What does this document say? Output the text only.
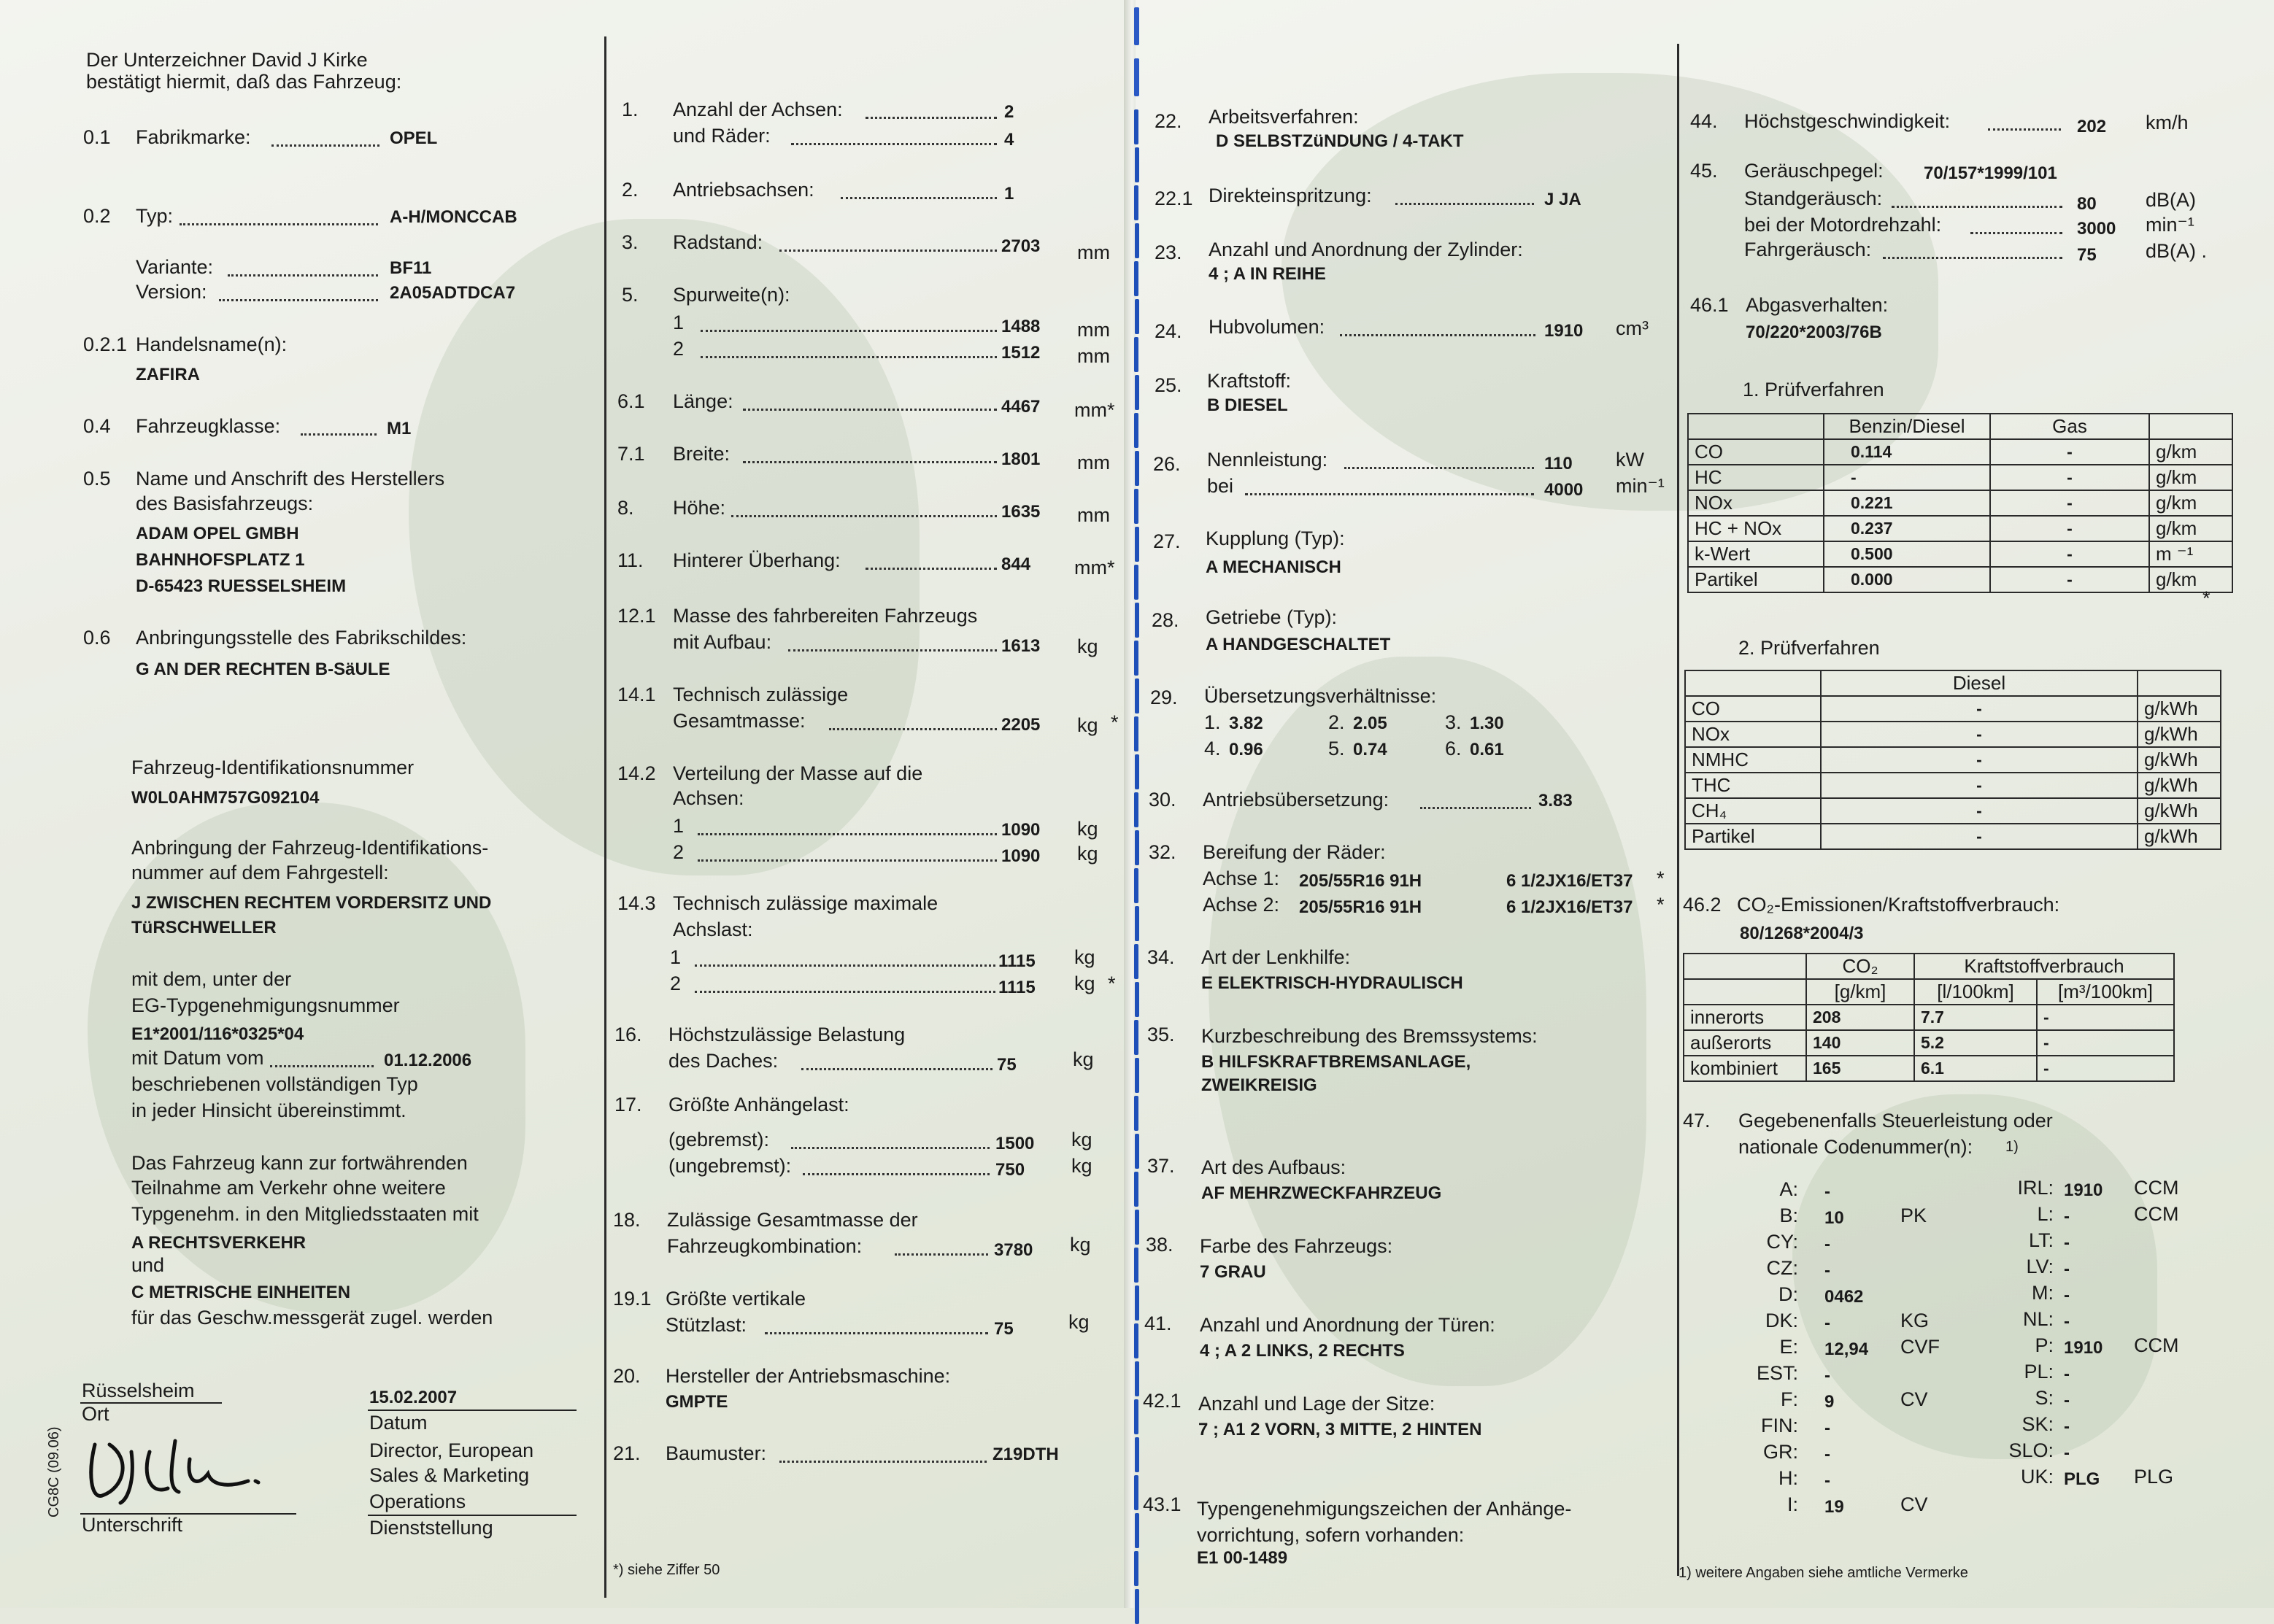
Der Unterzeichner David J Kirke
bestätigt hiermit, daß das Fahrzeug:
0.1 Fabrikmarke:	OPEL
0.2 Typ:	A-H/MONCCAB
Variante:	BF11
Version:	2A05ADTDCA7
0.2.1 Handelsname(n):
ZAFIRA
0.4 Fahrzeugklasse:	M1
0.5 Name und Anschrift des Herstellers
des Basisfahrzeugs:
ADAM OPEL GMBH
BAHNHOFSPLATZ 1
D-65423 RUESSELSHEIM
0.6 Anbringungsstelle des Fabrikschildes:
G AN DER RECHTEN B-SäULE
Fahrzeug-Identifikationsnummer
W0L0AHM757G092104
Anbringung der Fahrzeug-Identifikations-
nummer auf dem Fahrgestell:
J ZWISCHEN RECHTEM VORDERSITZ UND
TüRSCHWELLER
mit dem, unter der
EG-Typgenehmigungsnummer
E1*2001/116*0325*04
mit Datum vom	01.12.2006
beschriebenen vollständigen Typ
in jeder Hinsicht übereinstimmt.
Das Fahrzeug kann zur fortwährenden
Teilnahme am Verkehr ohne weitere
Typgenehm. in den Mitgliedsstaaten mit
A RECHTSVERKEHR
und
C METRISCHE EINHEITEN
für das Geschw.messgerät zugel. werden
Rüsselsheim
Ort
15.02.2007
Datum
Director, European
Sales & Marketing
Operations
Dienststellung
Unterschrift
CG8C (09.06)
1. Anzahl der Achsen:	2
und Räder:	4
2. Antriebsachsen:	1
3. Radstand:	2703 mm
5. Spurweite(n):
1	1488 mm
2	1512 mm
6.1 Länge:	4467 mm*
7.1 Breite:	1801 mm
8. Höhe:	1635 mm
11. Hinterer Überhang:	844 mm*
12.1 Masse des fahrbereiten Fahrzeugs
mit Aufbau:	1613 kg
14.1 Technisch zulässige
Gesamtmasse:	2205 kg *
14.2 Verteilung der Masse auf die
Achsen:
1	1090 kg
2	1090 kg
14.3 Technisch zulässige maximale
Achslast:
1	1115 kg
2	1115 kg *
16. Höchstzulässige Belastung
des Daches:	75	kg
17. Größte Anhängelast:
(gebremst):	1500 kg
(ungebremst):	750 kg
18. Zulässige Gesamtmasse der
Fahrzeugkombination:	3780 kg
19.1 Größte vertikale
Stützlast:	75	kg
20. Hersteller der Antriebsmaschine:
GMPTE
21. Baumuster:	Z19DTH
*) siehe Ziffer 50
22. Arbeitsverfahren:
D SELBSTZüNDUNG / 4-TAKT
22.1 Direkteinspritzung:	J JA
23. Anzahl und Anordnung der Zylinder:
4 ; A IN REIHE
24. Hubvolumen:	1910 cm³
25. Kraftstoff:
B DIESEL
26. Nennleistung:	110 kW
bei	4000 min⁻¹
27. Kupplung (Typ):
A MECHANISCH
28. Getriebe (Typ):
A HANDGESCHALTET
29. Übersetzungsverhältnisse:
1. 3.82	2. 2.05	3. 1.30
4. 0.96	5. 0.74	6. 0.61
30. Antriebsübersetzung:	3.83
32. Bereifung der Räder:
Achse 1: 205/55R16 91H	6 1/2JX16/ET37 *
Achse 2: 205/55R16 91H	6 1/2JX16/ET37 *
34. Art der Lenkhilfe:
E ELEKTRISCH-HYDRAULISCH
35. Kurzbeschreibung des Bremssystems:
B HILFSKRAFTBREMSANLAGE,
ZWEIKREISIG
37. Art des Aufbaus:
AF MEHRZWECKFAHRZEUG
38. Farbe des Fahrzeugs:
7 GRAU
41. Anzahl und Anordnung der Türen:
4 ; A 2 LINKS, 2 RECHTS
42.1 Anzahl und Lage der Sitze:
7 ; A1 2 VORN, 3 MITTE, 2 HINTEN
43.1 Typengenehmigungszeichen der Anhänge-
vorrichtung, sofern vorhanden:
E1 00-1489
44. Höchstgeschwindigkeit:	202 km/h
45. Geräuschpegel: 70/157*1999/101
Standgeräusch:	80 dB(A)
bei der Motordrehzahl:	3000 min⁻¹
Fahrgeräusch:	75 dB(A) .
46.1 Abgasverhalten:
70/220*2003/76B
1. Prüfverfahren
	Benzin/Diesel	Gas	
CO	0.114	-	g/km
HC	-	-	g/km
NOx	0.221	-	g/km
HC + NOx	0.237	-	g/km
k-Wert	0.500	-	m ⁻¹
Partikel	0.000	-	g/km
*
2. Prüfverfahren
	Diesel	
CO	-	g/kWh
NOx	-	g/kWh
NMHC	-	g/kWh
THC	-	g/kWh
CH₄	-	g/kWh
Partikel	-	g/kWh
46.2 CO₂-Emissionen/Kraftstoffverbrauch:
80/1268*2004/3
	CO₂	Kraftstoffverbrauch	
	[g/km]	[l/100km]	[m³/100km]
innerorts	208	7.7	-
außerorts	140	5.2	-
kombiniert	165	6.1	-
47. Gegebenenfalls Steuerleistung oder
nationale Codenummer(n): 1)
A: -
B: 10	PK
CY: -
CZ: -
D: 0462
DK: -	KG
E: 12,94 CVF
EST: -
F: 9	CV
FIN: -
GR: -
H: -
I: 19	CV
IRL: 1910 CCM
L: -	CCM
LT: -
LV: -
M: -
NL: -
P: 1910 CCM
PL: -
S: -
SK: -
SLO: -
UK: PLG PLG
1) weitere Angaben siehe amtliche Vermerke
